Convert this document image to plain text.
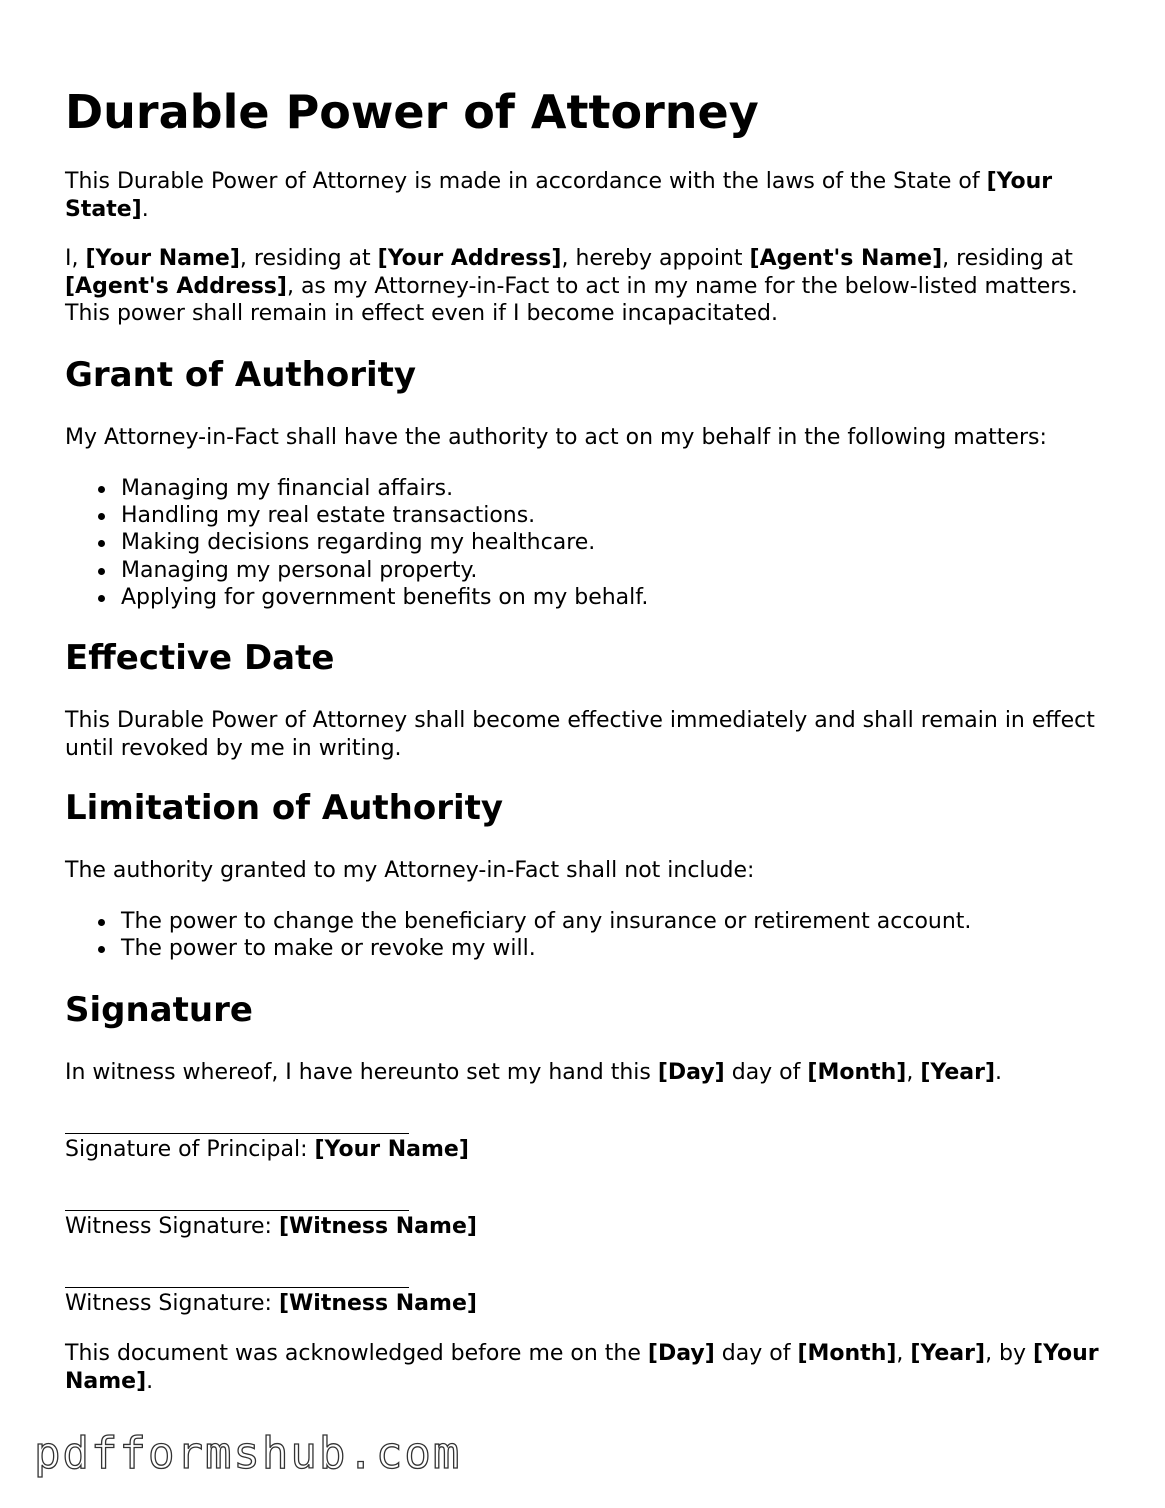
Durable Power of Attorney

This Durable Power of Attorney is made in accordance with the laws of the State of [Your State].

I, [Your Name], residing at [Your Address], hereby appoint [Agent's Name], residing at [Agent's Address], as my Attorney-in-Fact to act in my name for the below-listed matters. This power shall remain in effect even if I become incapacitated.

Grant of Authority

My Attorney-in-Fact shall have the authority to act on my behalf in the following matters:

Managing my financial affairs.
Handling my real estate transactions.
Making decisions regarding my healthcare.
Managing my personal property.
Applying for government benefits on my behalf.
Effective Date

This Durable Power of Attorney shall become effective immediately and shall remain in effect until revoked by me in writing.

Limitation of Authority

The authority granted to my Attorney-in-Fact shall not include:

The power to change the beneficiary of any insurance or retirement account.
The power to make or revoke my will.
Signature

In witness whereof, I have hereunto set my hand this [Day] day of [Month], [Year].

Signature of Principal: [Your Name]
Witness Signature: [Witness Name]
Witness Signature: [Witness Name]

This document was acknowledged before me on the [Day] day of [Month], [Year], by [Your Name].

pdfformshub.com
